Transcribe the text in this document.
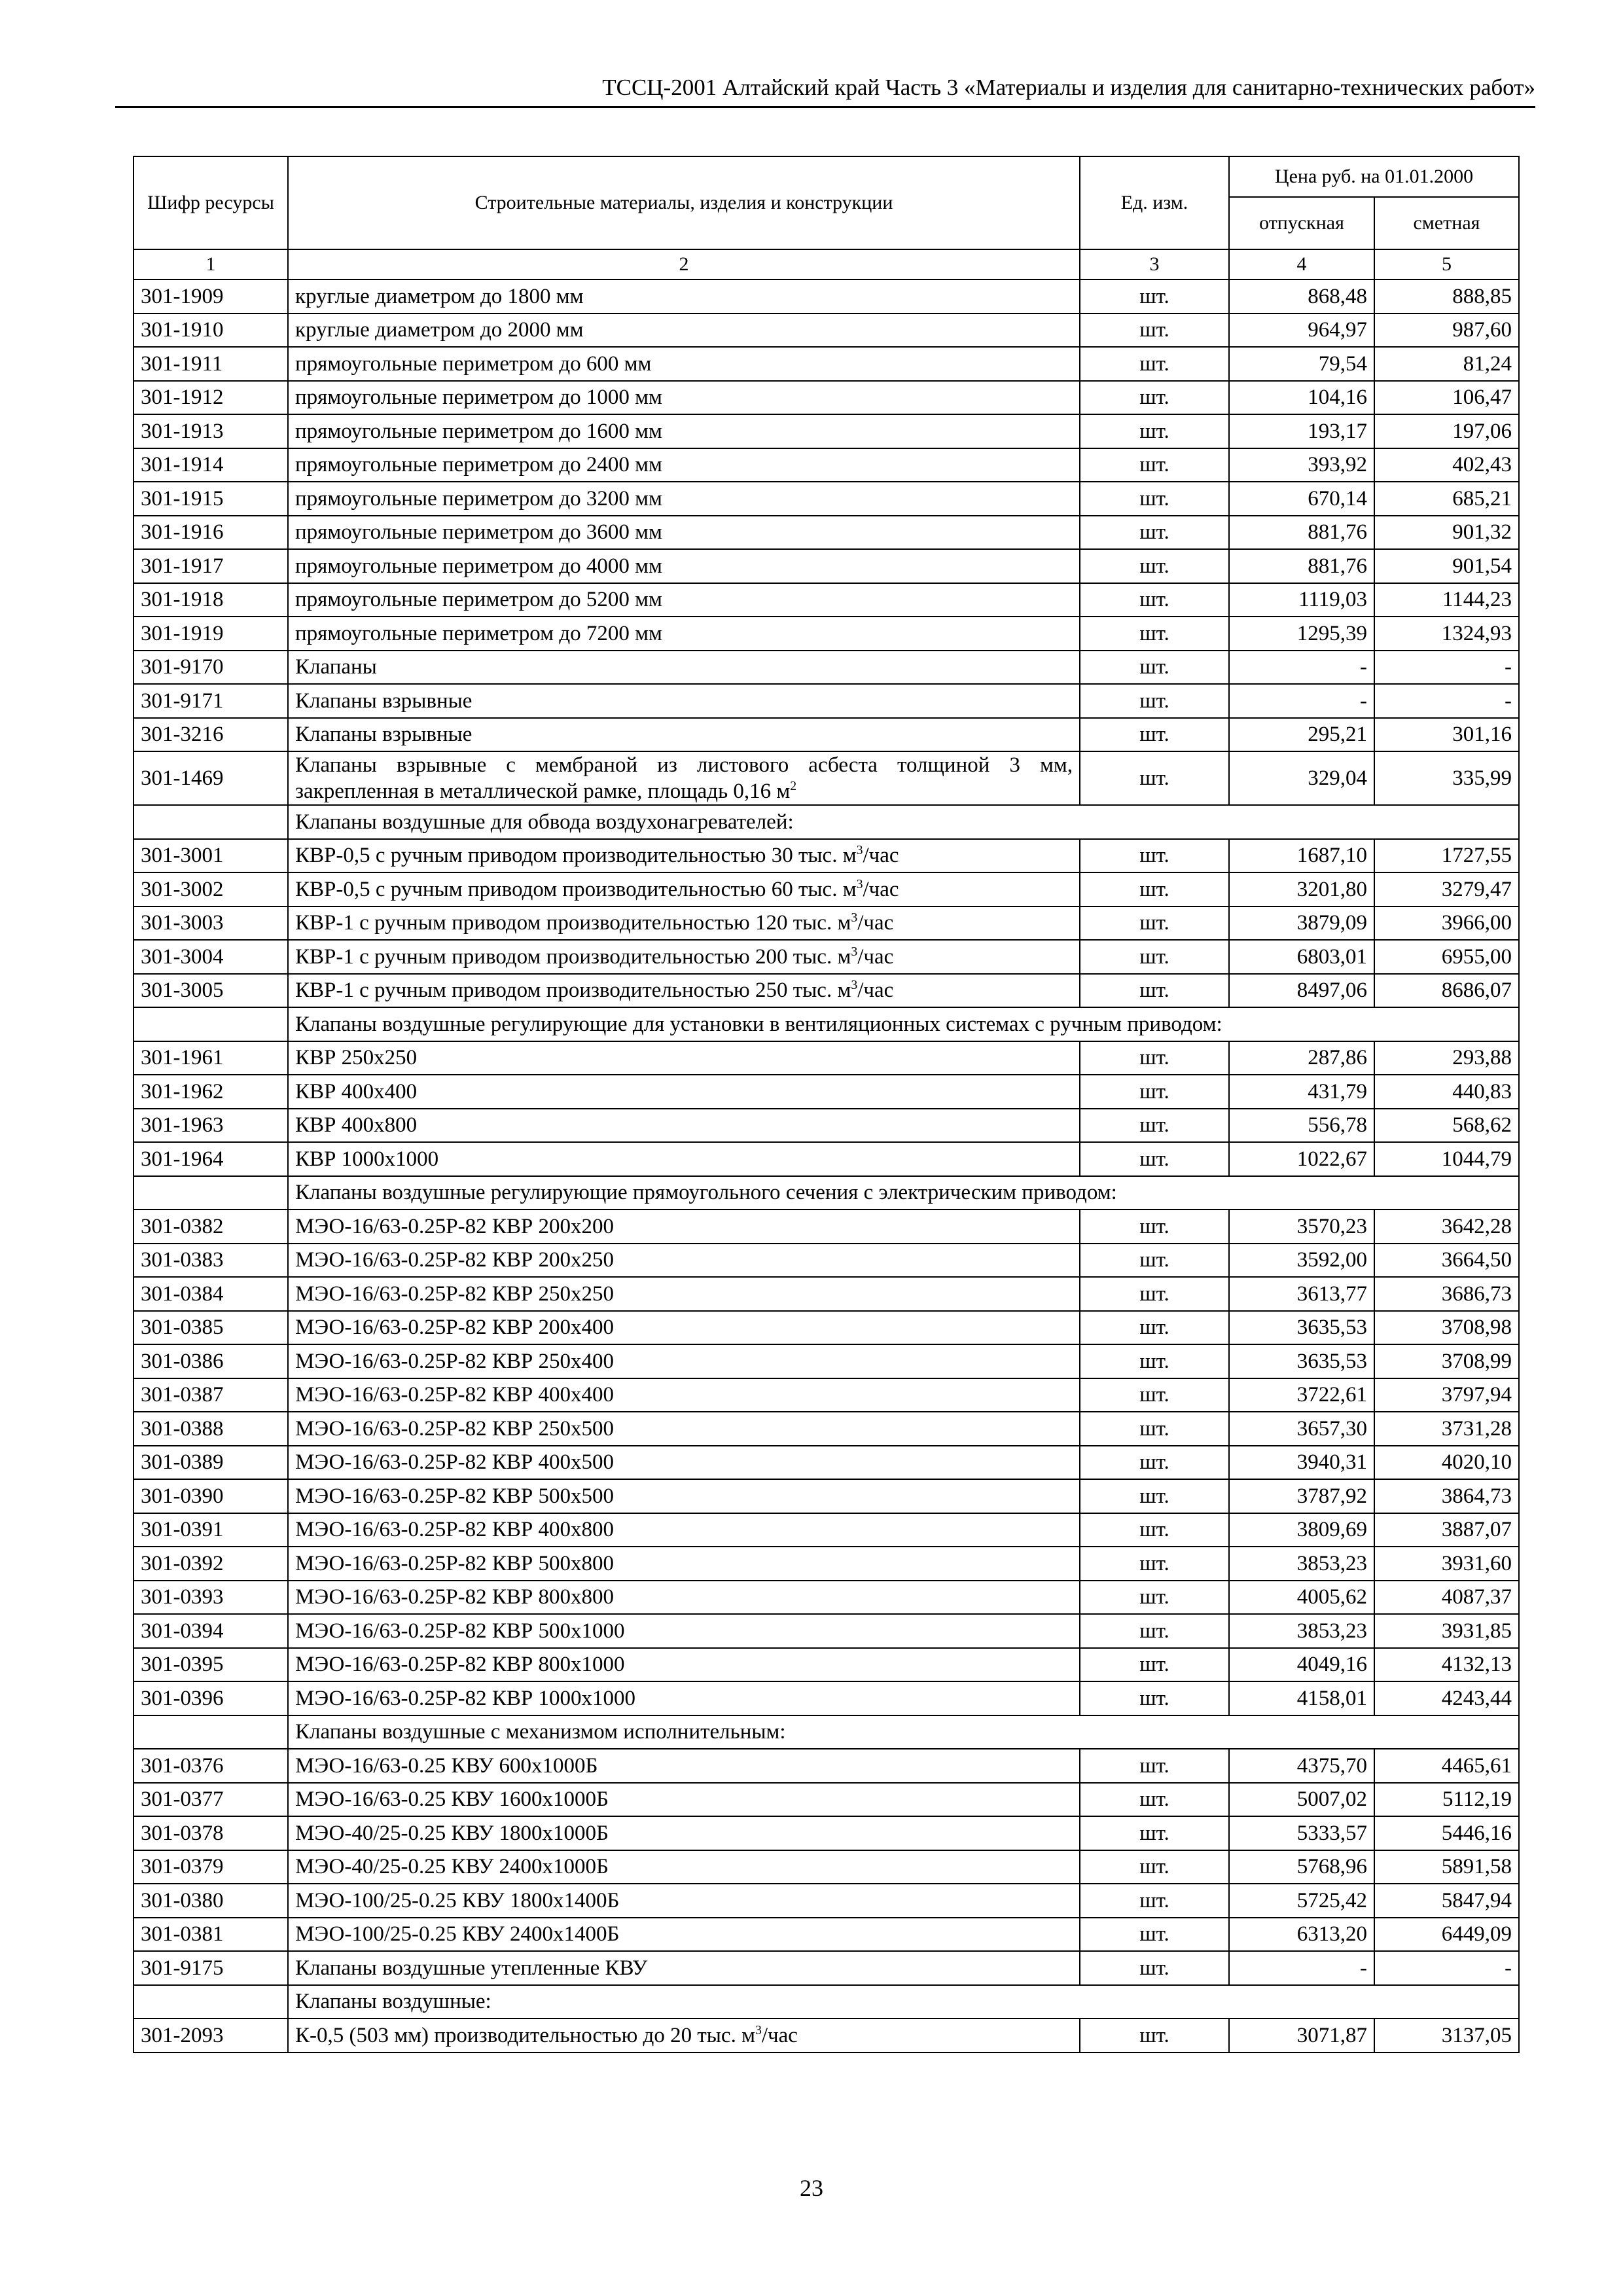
ТССЦ-2001 Алтайский край Часть 3 «Материалы и изделия для санитарно-технических работ»
Шифр ресурсы	Строительные материалы, изделия и конструкции	Ед. изм.	Цена руб. на 01.01.2000	
			отпускная	сметная
1	2	3	4	5
301-1909	круглые диаметром до 1800 мм	шт.	868,48	888,85
301-1910	круглые диаметром до 2000 мм	шт.	964,97	987,60
301-1911	прямоугольные периметром до 600 мм	шт.	79,54	81,24
301-1912	прямоугольные периметром до 1000 мм	шт.	104,16	106,47
301-1913	прямоугольные периметром до 1600 мм	шт.	193,17	197,06
301-1914	прямоугольные периметром до 2400 мм	шт.	393,92	402,43
301-1915	прямоугольные периметром до 3200 мм	шт.	670,14	685,21
301-1916	прямоугольные периметром до 3600 мм	шт.	881,76	901,32
301-1917	прямоугольные периметром до 4000 мм	шт.	881,76	901,54
301-1918	прямоугольные периметром до 5200 мм	шт.	1119,03	1144,23
301-1919	прямоугольные периметром до 7200 мм	шт.	1295,39	1324,93
301-9170	Клапаны	шт.	-	-
301-9171	Клапаны взрывные	шт.	-	-
301-3216	Клапаны взрывные	шт.	295,21	301,16
301-1469	Клапаны взрывные с мембраной из листового асбеста толщиной 3 мм, закрепленная в металлической рамке, площадь 0,16 $м^2$	шт.	329,04	335,99
	Клапаны воздушные для обвода воздухонагревателей:			
301-3001	КВР-0,5 с ручным приводом производительностью 30 тыс. $м^3$/час	шт.	1687,10	1727,55
301-3002	КВР-0,5 с ручным приводом производительностью 60 тыс. $м^3$/час	шт.	3201,80	3279,47
301-3003	КВР-1 с ручным приводом производительностью 120 тыс. $м^3$/час	шт.	3879,09	3966,00
301-3004	КВР-1 с ручным приводом производительностью 200 тыс. $м^3$/час	шт.	6803,01	6955,00
301-3005	КВР-1 с ручным приводом производительностью 250 тыс. $м^3$/час	шт.	8497,06	8686,07
	Клапаны воздушные регулирующие для установки в вентиляционных системах с ручным приводом:			
301-1961	КВР 250х250	шт.	287,86	293,88
301-1962	КВР 400х400	шт.	431,79	440,83
301-1963	КВР 400х800	шт.	556,78	568,62
301-1964	КВР 1000х1000	шт.	1022,67	1044,79
	Клапаны воздушные регулирующие прямоугольного сечения с электрическим приводом:			
301-0382	МЭО-16/63-0.25Р-82 КВР 200х200	шт.	3570,23	3642,28
301-0383	МЭО-16/63-0.25Р-82 КВР 200х250	шт.	3592,00	3664,50
301-0384	МЭО-16/63-0.25Р-82 КВР 250х250	шт.	3613,77	3686,73
301-0385	МЭО-16/63-0.25Р-82 КВР 200х400	шт.	3635,53	3708,98
301-0386	МЭО-16/63-0.25Р-82 КВР 250х400	шт.	3635,53	3708,99
301-0387	МЭО-16/63-0.25Р-82 КВР 400х400	шт.	3722,61	3797,94
301-0388	МЭО-16/63-0.25Р-82 КВР 250х500	шт.	3657,30	3731,28
301-0389	МЭО-16/63-0.25Р-82 КВР 400х500	шт.	3940,31	4020,10
301-0390	МЭО-16/63-0.25Р-82 КВР 500х500	шт.	3787,92	3864,73
301-0391	МЭО-16/63-0.25Р-82 КВР 400х800	шт.	3809,69	3887,07
301-0392	МЭО-16/63-0.25Р-82 КВР 500х800	шт.	3853,23	3931,60
301-0393	МЭО-16/63-0.25Р-82 КВР 800х800	шт.	4005,62	4087,37
301-0394	МЭО-16/63-0.25Р-82 КВР 500х1000	шт.	3853,23	3931,85
301-0395	МЭО-16/63-0.25Р-82 КВР 800х1000	шт.	4049,16	4132,13
301-0396	МЭО-16/63-0.25Р-82 КВР 1000х1000	шт.	4158,01	4243,44
	Клапаны воздушные с механизмом исполнительным:			
301-0376	МЭО-16/63-0.25 КВУ 600х1000Б	шт.	4375,70	4465,61
301-0377	МЭО-16/63-0.25 КВУ 1600х1000Б	шт.	5007,02	5112,19
301-0378	МЭО-40/25-0.25 КВУ 1800х1000Б	шт.	5333,57	5446,16
301-0379	МЭО-40/25-0.25 КВУ 2400х1000Б	шт.	5768,96	5891,58
301-0380	МЭО-100/25-0.25 КВУ 1800х1400Б	шт.	5725,42	5847,94
301-0381	МЭО-100/25-0.25 КВУ 2400х1400Б	шт.	6313,20	6449,09
301-9175	Клапаны воздушные утепленные КВУ	шт.	-	-
	Клапаны воздушные:			
301-2093	К-0,5 (503 мм) производительностью до 20 тыс. $м^3$/час	шт.	3071,87	3137,05
23
